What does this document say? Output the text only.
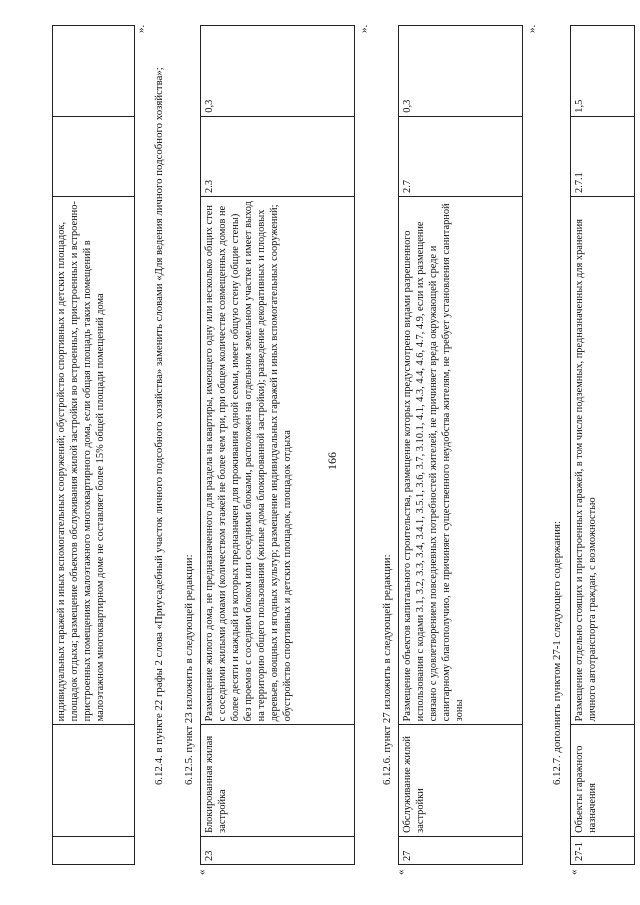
166
		индивидуальных гаражей и иных вспомогательных сооружений; обустройство спортивных и детских площадок, площадок отдыха; размещение объектов обслуживания жилой застройки во встроенных, пристроенных и встроенно-пристроенных помещениях малоэтажного многоквартирного дома, если общая площадь таких помещений в малоэтажном многоквартирном доме не составляет более 15% общей площади помещений дома		
».
6.12.4. в пункте 22 графы 2 слова «Приусадебный участок личного подсобного хозяйства» заменить словами «Для ведения личного подсобного хозяйства»; 6.12.5. пункт 23 изложить в следующей редакции:
«
23	Блокированная жилая застройка	Размещение жилого дома, не предназначенного для раздела на квартиры, имеющего одну или несколько общих стен с соседними жилыми домами (количеством этажей не более чем три, при общем количестве совмещенных домов не более десяти и каждый из которых предназначен для проживания одной семьи, имеет общую стену (общие стены) без проемов с соседним блоком или соседними блоками, расположен на отдельном земельном участке и имеет выход на территорию общего пользования (жилые дома блокированной застройки); разведение декоративных и плодовых деревьев, овощных и ягодных культур; размещение индивидуальных гаражей и иных вспомогательных сооружений; обустройство спортивных и детских площадок, площадок отдыха	2.3	0,3
».
6.12.6. пункт 27 изложить в следующей редакции:
«
27	Обслуживание жилой застройки	Размещение объектов капитального строительства, размещение которых предусмотрено видами разрешенного использования с кодами 3.1, 3.2, 3.3, 3.4, 3.4.1, 3.5.1, 3.6, 3.7, 3.10.1, 4.1, 4.3, 4.4, 4.6, 4.7, 4.9, если их размещение связано с удовлетворением повседневных потребностей жителей, не причиняет вреда окружающей среде и санитарному благополучию, не причиняет существенного неудобства жителям, не требует установления санитарной зоны	2.7	0,3
».
6.12.7. дополнить пунктом 27-1 следующего содержания:
«
27-1	Объекты гаражного назначения	Размещение отдельно стоящих и пристроенных гаражей, в том числе подземных, предназначенных для хранения личного автотранспорта граждан, с возможностью	2.7.1	1,5
